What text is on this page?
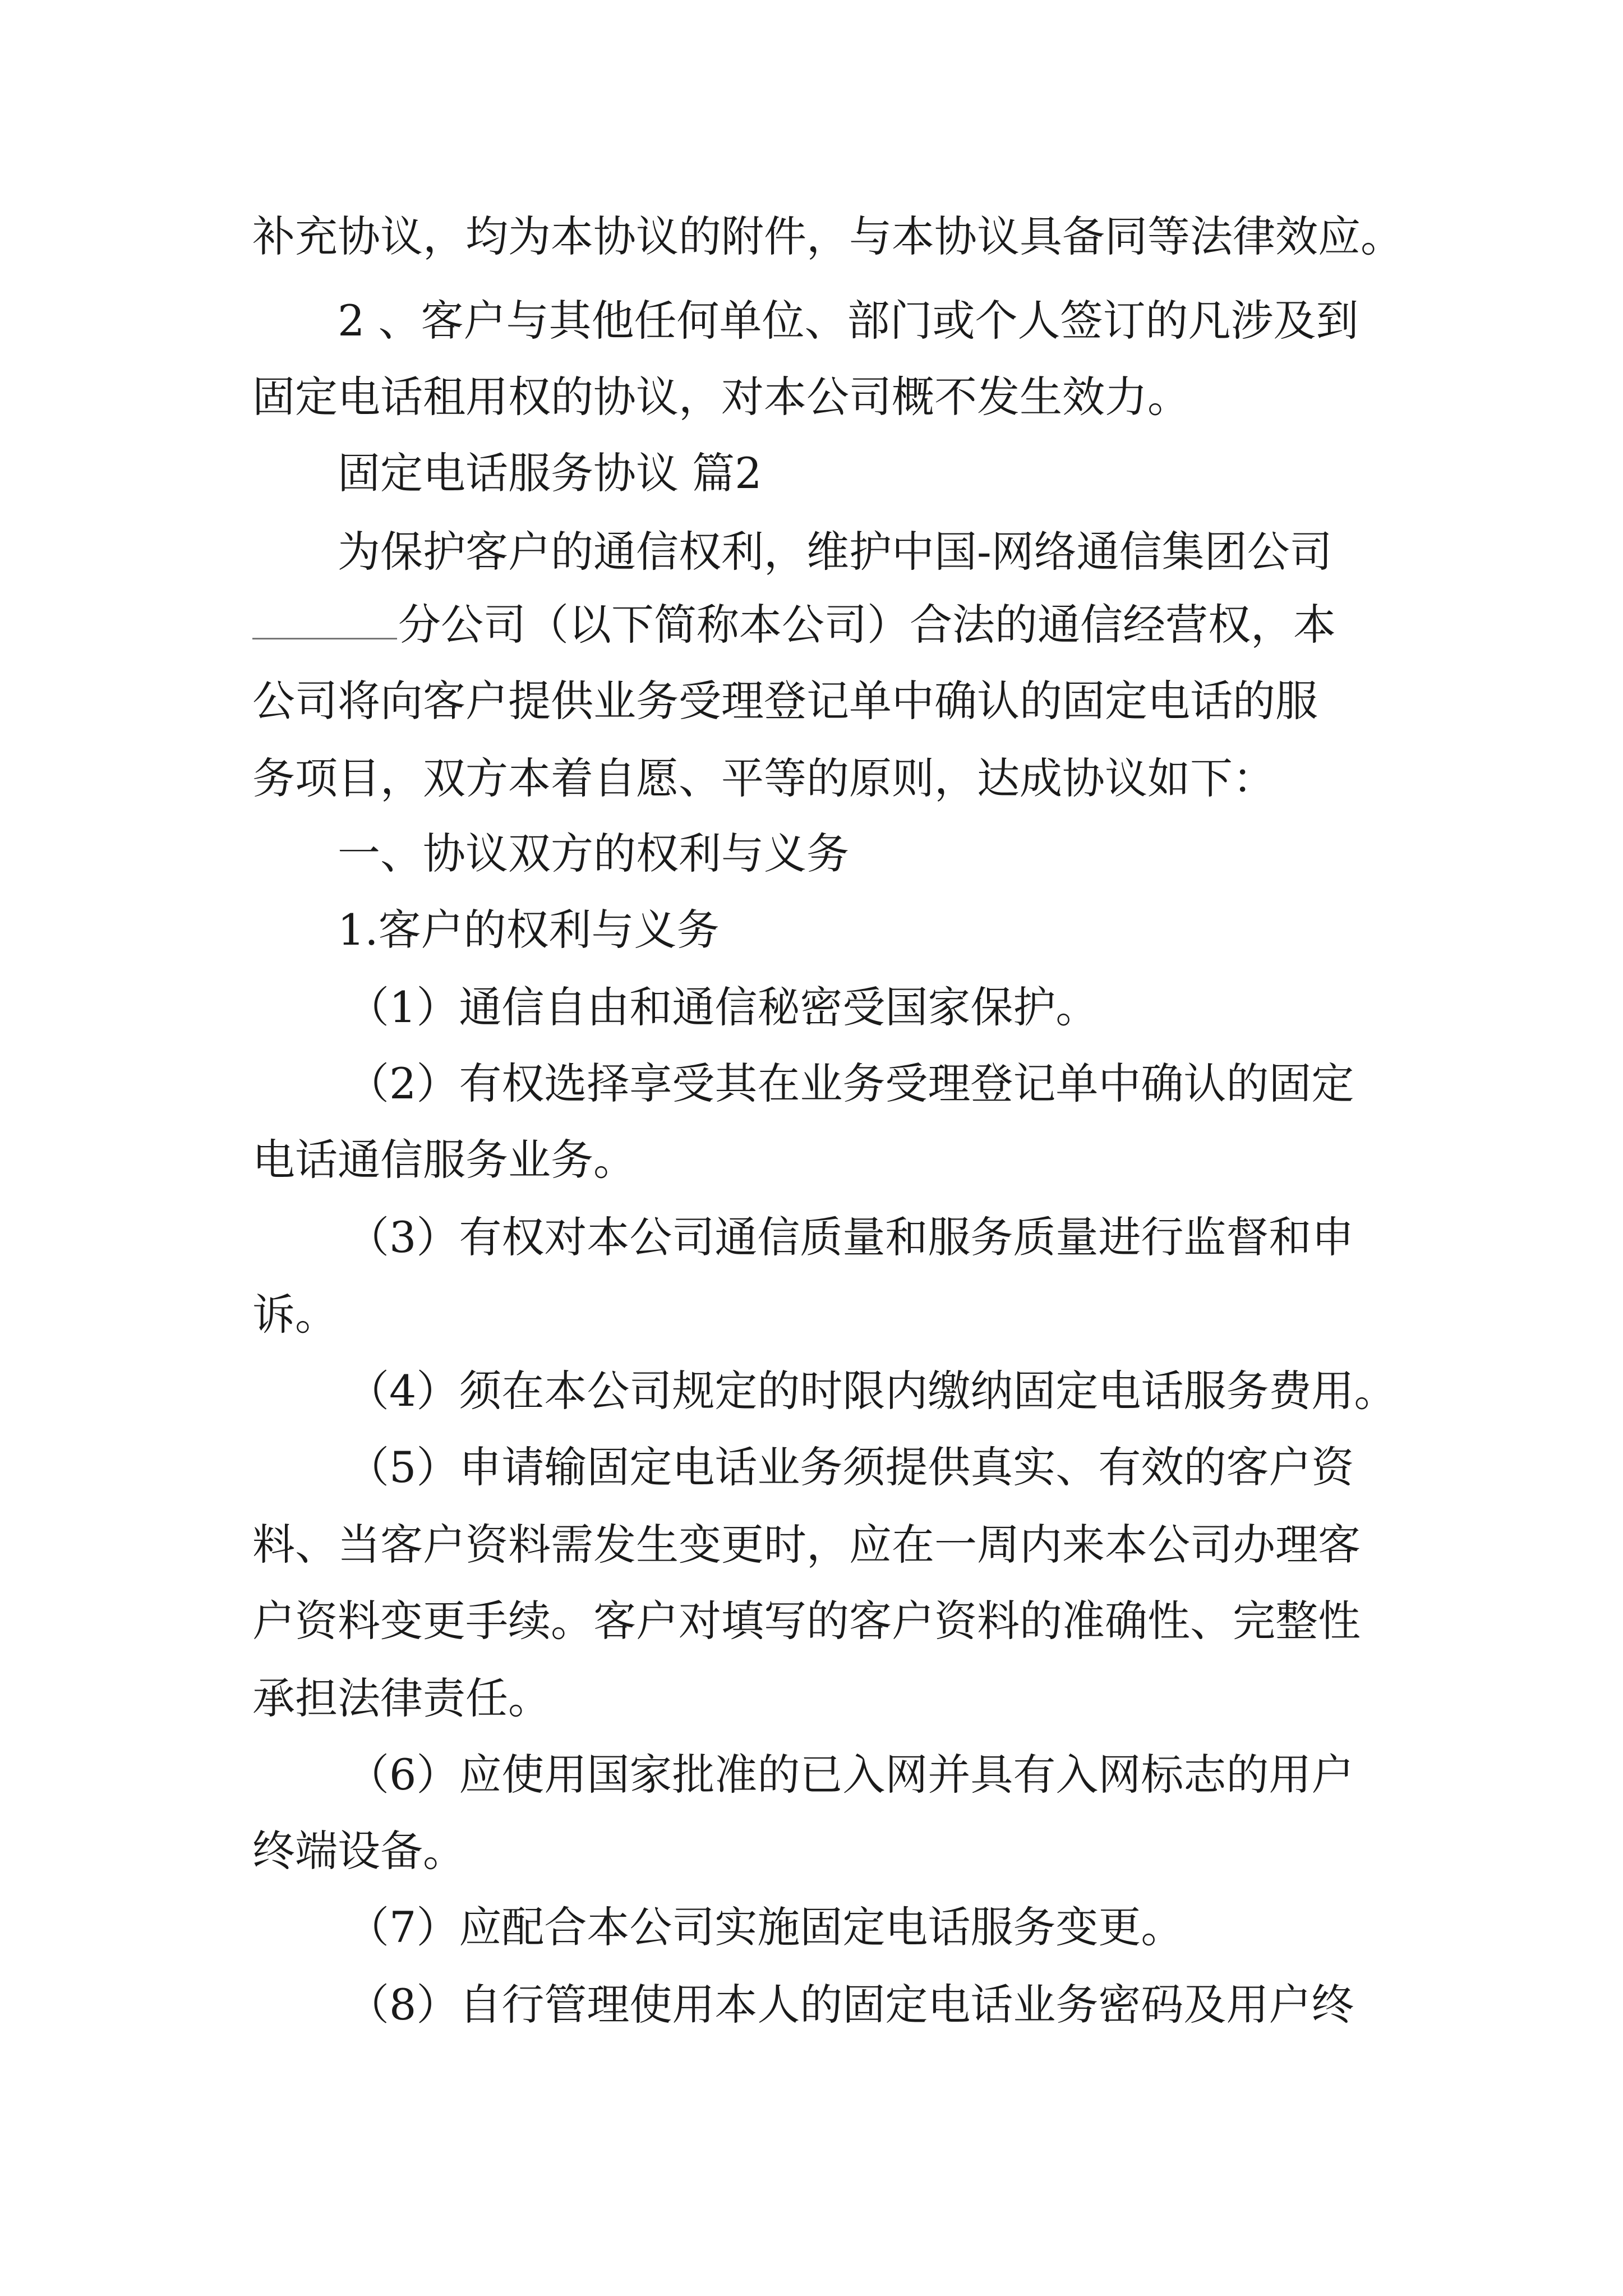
补充协议，均为本协议的附件，与本协议具备同等法律效应。

2 、客户与其他任何单位、部门或个人签订的凡涉及到

固定电话租用权的协议，对本公司概不发生效力。

固定电话服务协议 篇2

为保护客户的通信权利，维护中国-网络通信集团公司

分公司（以下简称本公司）合法的通信经营权，本

公司将向客户提供业务受理登记单中确认的固定电话的服

务项目，双方本着自愿、平等的原则，达成协议如下：

一、协议双方的权利与义务

1.客户的权利与义务

（1）通信自由和通信秘密受国家保护。

（2）有权选择享受其在业务受理登记单中确认的固定

电话通信服务业务。

（3）有权对本公司通信质量和服务质量进行监督和申

诉。

（4）须在本公司规定的时限内缴纳固定电话服务费用。

（5）申请输固定电话业务须提供真实、有效的客户资

料、当客户资料需发生变更时，应在一周内来本公司办理客

户资料变更手续。客户对填写的客户资料的准确性、完整性

承担法律责任。

（6）应使用国家批准的已入网并具有入网标志的用户

终端设备。

（7）应配合本公司实施固定电话服务变更。

（8）自行管理使用本人的固定电话业务密码及用户终
